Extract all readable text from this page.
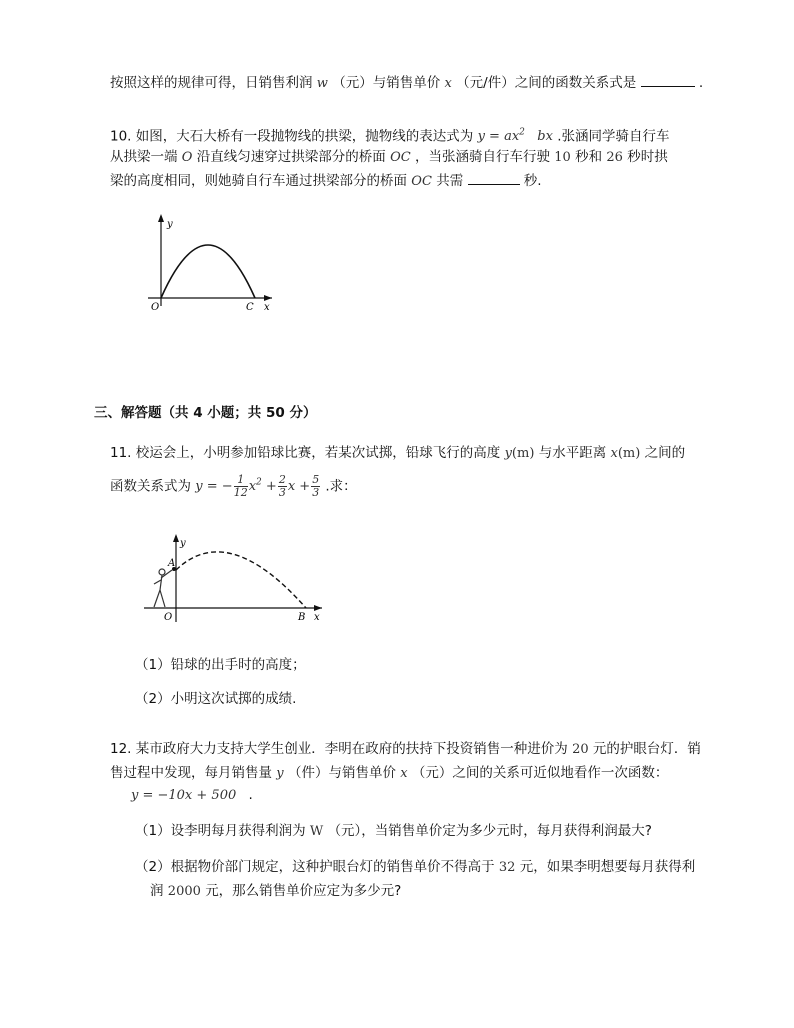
按照这样的规律可得，日销售利润 w （元）与销售单价 x （元/件）之间的函数关系式是	.
10. 如图，大石大桥有一段抛物线的拱梁，抛物线的表达式为 $y = ax^2$   bx .张涵同学骑自行车
从拱梁一端 O 沿直线匀速穿过拱梁部分的桥面 OC ，当张涵骑自行车行驶 10 秒和 26 秒时拱
梁的高度相同，则她骑自行车通过拱梁部分的桥面 OC 共需	秒.
y
x
O	C
三、解答题（共 4 小题；共 50 分）
11. 校运会上，小明参加铅球比赛，若某次试掷，铅球飞行的高度 y(m) 与水平距离 x(m) 之间的
函数关系式为 y = − $\frac{1}{12} x^2 + \frac{2}{3}$ $x + \frac{5}{3}$ .求：
y
x
O
A
B
（1）铅球的出手时的高度；
（2）小明这次试掷的成绩.
12. 某市政府大力支持大学生创业．李明在政府的扶持下投资销售一种进价为 20 元的护眼台灯．销
售过程中发现，每月销售量 y （件）与销售单价 x （元）之间的关系可近似地看作一次函数：
y = −10x + 500 .
（1）设李明每月获得利润为 W （元），当销售单价定为多少元时，每月获得利润最大?
（2）根据物价部门规定，这种护眼台灯的销售单价不得高于 32 元，如果李明想要每月获得利
润 2000 元，那么销售单价应定为多少元?
